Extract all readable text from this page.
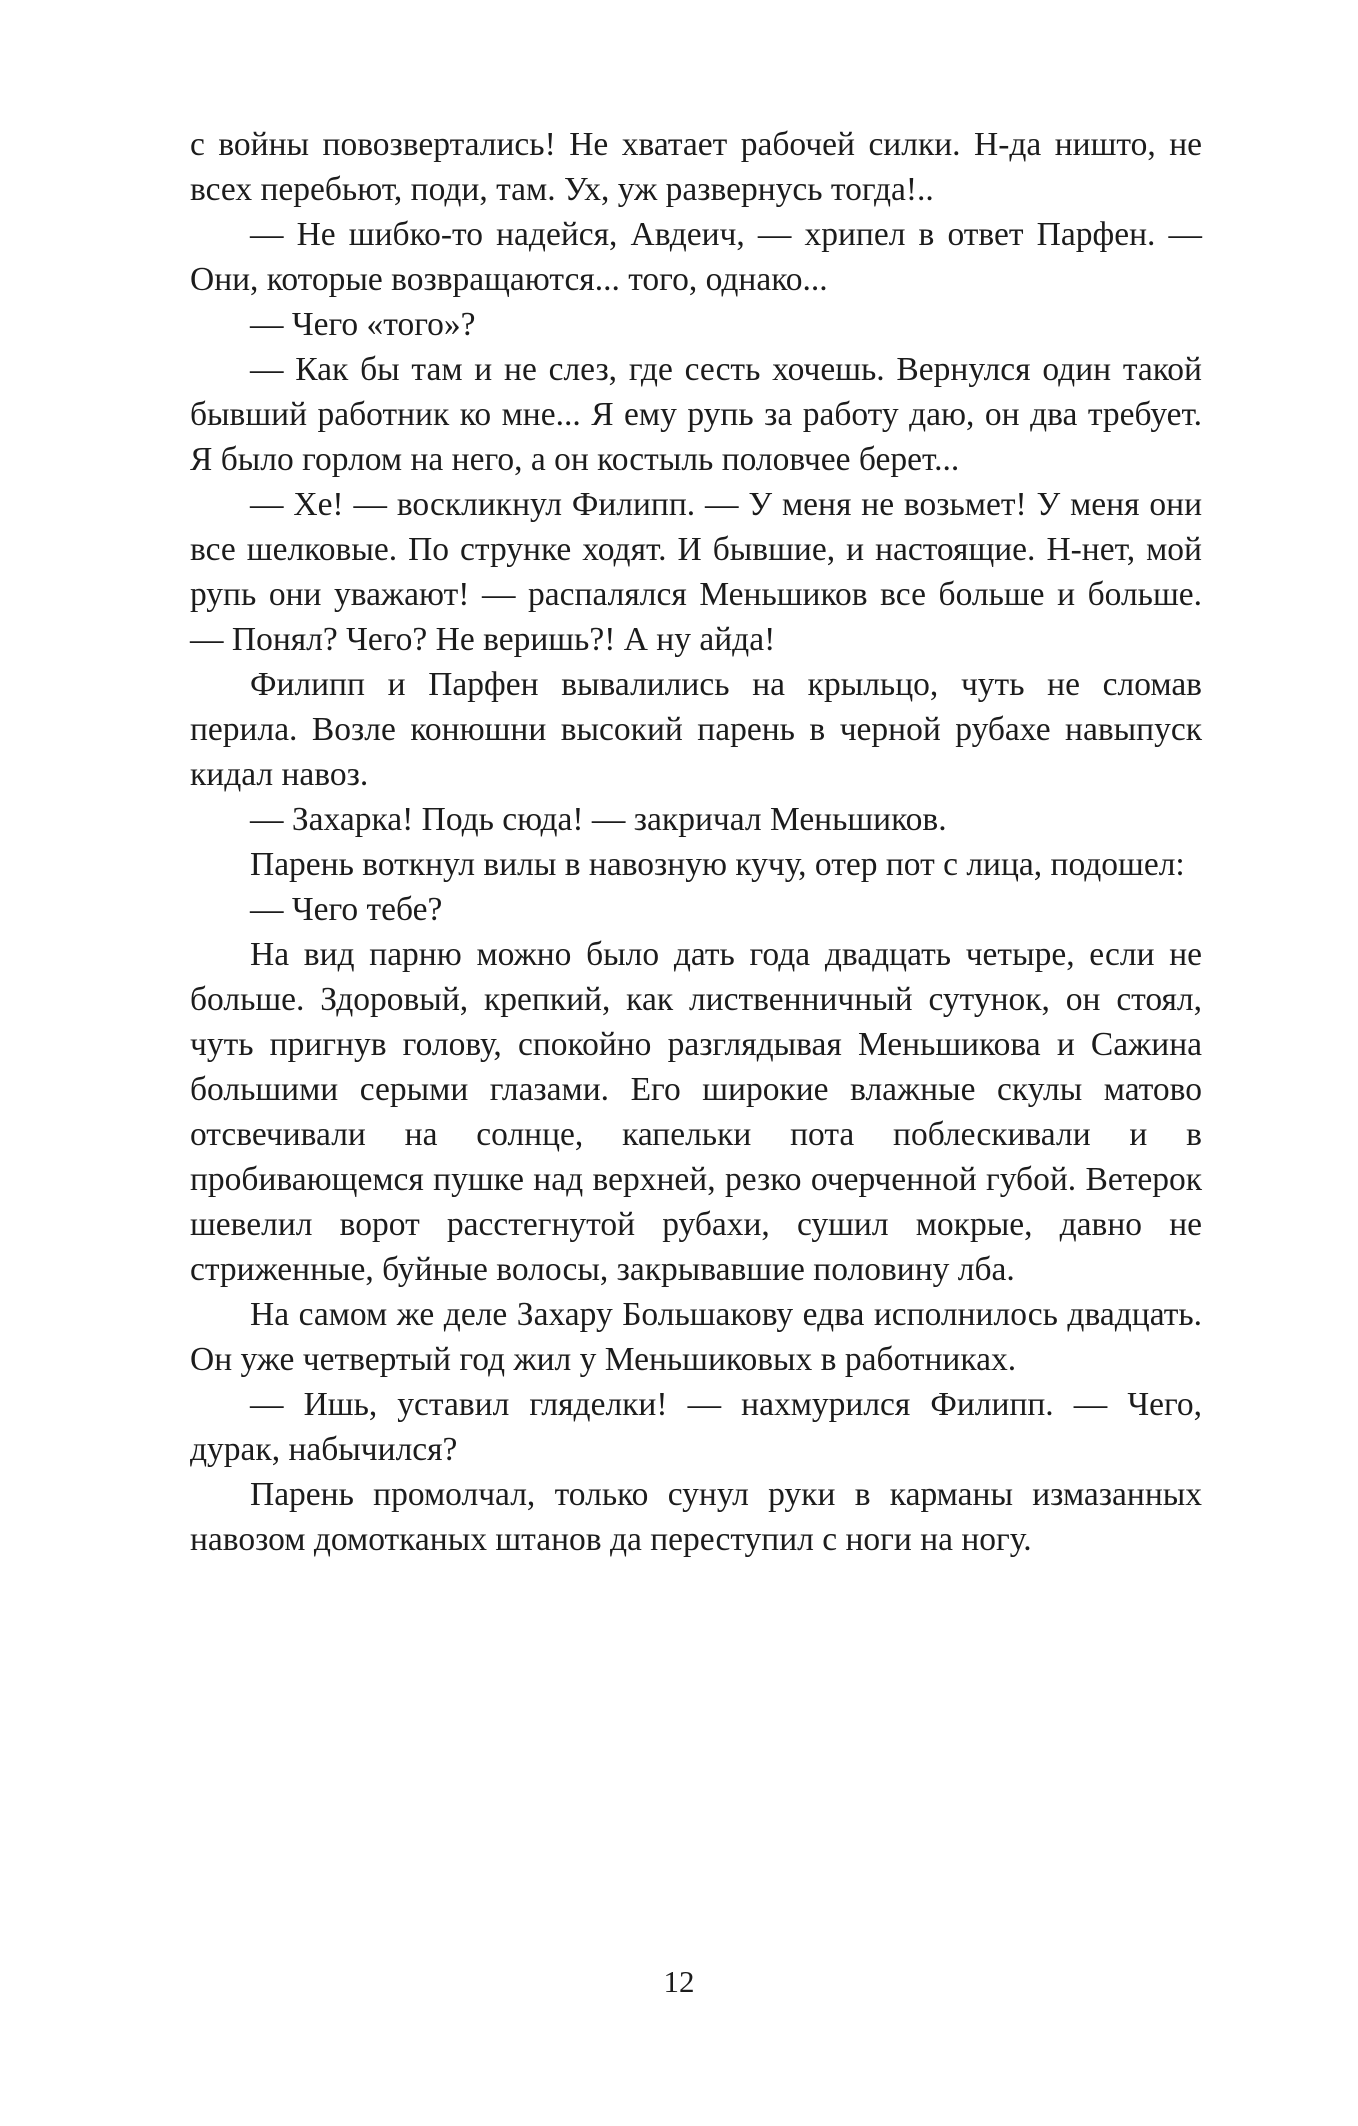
с войны повозвертались! Не хватает рабочей силки. Н-да ништо, не всех перебьют, поди, там. Ух, уж развернусь тогда!..

— Не шибко-то надейся, Авдеич, — хрипел в ответ Парфен. — Они, которые возвращаются... того, однако...

— Чего «того»?

— Как бы там и не слез, где сесть хочешь. Вернулся один такой бывший работник ко мне... Я ему рупь за работу даю, он два требует. Я было горлом на него, а он костыль половчее берет...

— Хе! — воскликнул Филипп. — У меня не возьмет! У меня они все шелковые. По струнке ходят. И бывшие, и настоящие. Н-нет, мой рупь они уважают! — распалялся Меньшиков все больше и больше. — Понял? Чего? Не веришь?! А ну айда!

Филипп и Парфен вывалились на крыльцо, чуть не сломав перила. Возле конюшни высокий парень в черной рубахе навыпуск кидал навоз.

— Захарка! Подь сюда! — закричал Меньшиков.

Парень воткнул вилы в навозную кучу, отер пот с лица, подошел:

— Чего тебе?

На вид парню можно было дать года двадцать четыре, если не больше. Здоровый, крепкий, как лиственничный сутунок, он стоял, чуть пригнув голову, спокойно разглядывая Меньшикова и Сажина большими серыми глазами. Его широкие влажные скулы матово отсвечивали на солнце, капельки пота поблескивали и в пробивающемся пушке над верхней, резко очерченной губой. Ветерок шевелил ворот расстегнутой рубахи, сушил мокрые, давно не стриженные, буйные волосы, закрывавшие половину лба.

На самом же деле Захару Большакову едва исполнилось двадцать. Он уже четвертый год жил у Меньшиковых в работниках.

— Ишь, уставил гляделки! — нахмурился Филипп. — Чего, дурак, набычился?

Парень промолчал, только сунул руки в карманы измазанных навозом домотканых штанов да переступил с ноги на ногу.

12
